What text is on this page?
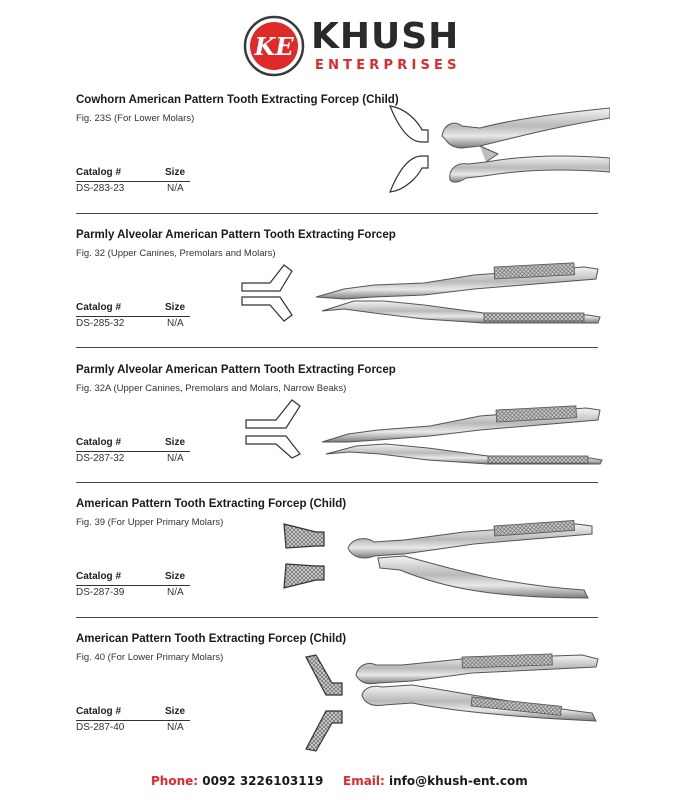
KE KHUSH
ENTERPRISES
Cowhorn American Pattern Tooth Extracting Forcep (Child)
Fig. 23S (For Lower Molars)
Catalog #	Size
DS-283-23	N/A
Parmly Alveolar American Pattern Tooth Extracting Forcep
Fig. 32 (Upper Canines, Premolars and Molars)
Catalog #	Size
DS-285-32	N/A
Parmly Alveolar American Pattern Tooth Extracting Forcep
Fig. 32A (Upper Canines, Premolars and Molars, Narrow Beaks)
Catalog #	Size
DS-287-32	N/A
American Pattern Tooth Extracting Forcep (Child)
Fig. 39 (For Upper Primary Molars)
Catalog #	Size
DS-287-39	N/A
American Pattern Tooth Extracting Forcep (Child)
Fig. 40 (For Lower Primary Molars)
Catalog #	Size
DS-287-40	N/A
Phone: 0092 3226103119 Email: info@khush-ent.com
